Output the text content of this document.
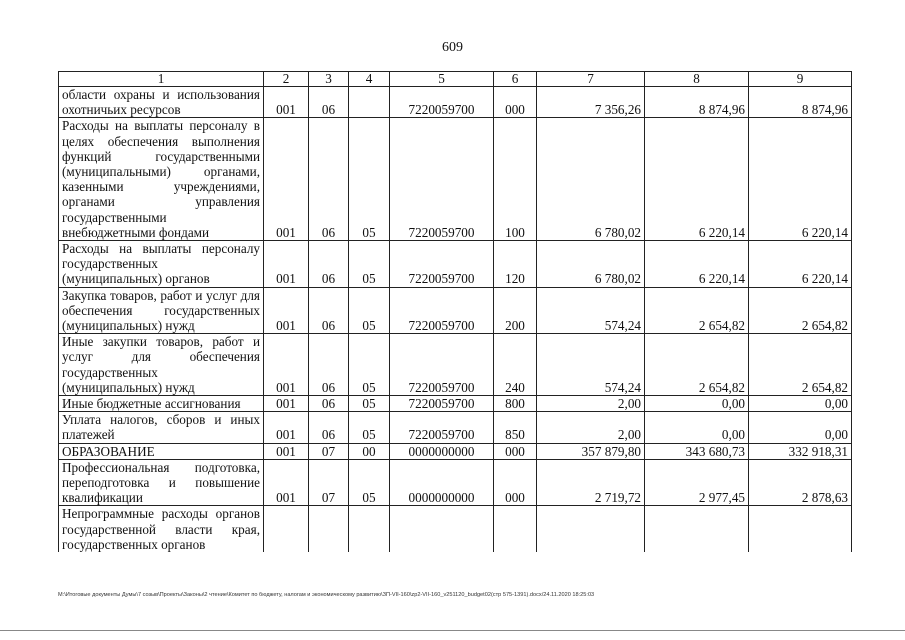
609
1	2	3	4	5	6	7	8	9
области охраны и использования охотничьих ресурсов	001	06		7220059700	000	7 356,26	8 874,96	8 874,96
Расходы на выплаты персоналу в целях обеспечения выполнения функций государственными (муниципальными) органами, казенными учреждениями, органами управления государственными внебюджетными фондами	001	06	05	7220059700	100	6 780,02	6 220,14	6 220,14
Расходы на выплаты персоналу государственных (муниципальных) органов	001	06	05	7220059700	120	6 780,02	6 220,14	6 220,14
Закупка товаров, работ и услуг для обеспечения государственных (муниципальных) нужд	001	06	05	7220059700	200	574,24	2 654,82	2 654,82
Иные закупки товаров, работ и услуг для обеспечения государственных (муниципальных) нужд	001	06	05	7220059700	240	574,24	2 654,82	2 654,82
Иные бюджетные ассигнования	001	06	05	7220059700	800	2,00	0,00	0,00
Уплата налогов, сборов и иных платежей	001	06	05	7220059700	850	2,00	0,00	0,00
ОБРАЗОВАНИЕ	001	07	00	0000000000	000	357 879,80	343 680,73	332 918,31
Профессиональная подготовка, переподготовка и повышение квалификации	001	07	05	0000000000	000	2 719,72	2 977,45	2 878,63
Непрограммные расходы органов государственной власти края, государственных органов								
M:\Итоговые документы Думы\7 созыв\Проекты\Законы\2 чтение\Комитет по бюджету, налогам и экономическому развитию\ЗП-VII-160\zp2-VII-160_v251120_budget02(стр 575-1391).docx/24.11.2020 18:25:03
